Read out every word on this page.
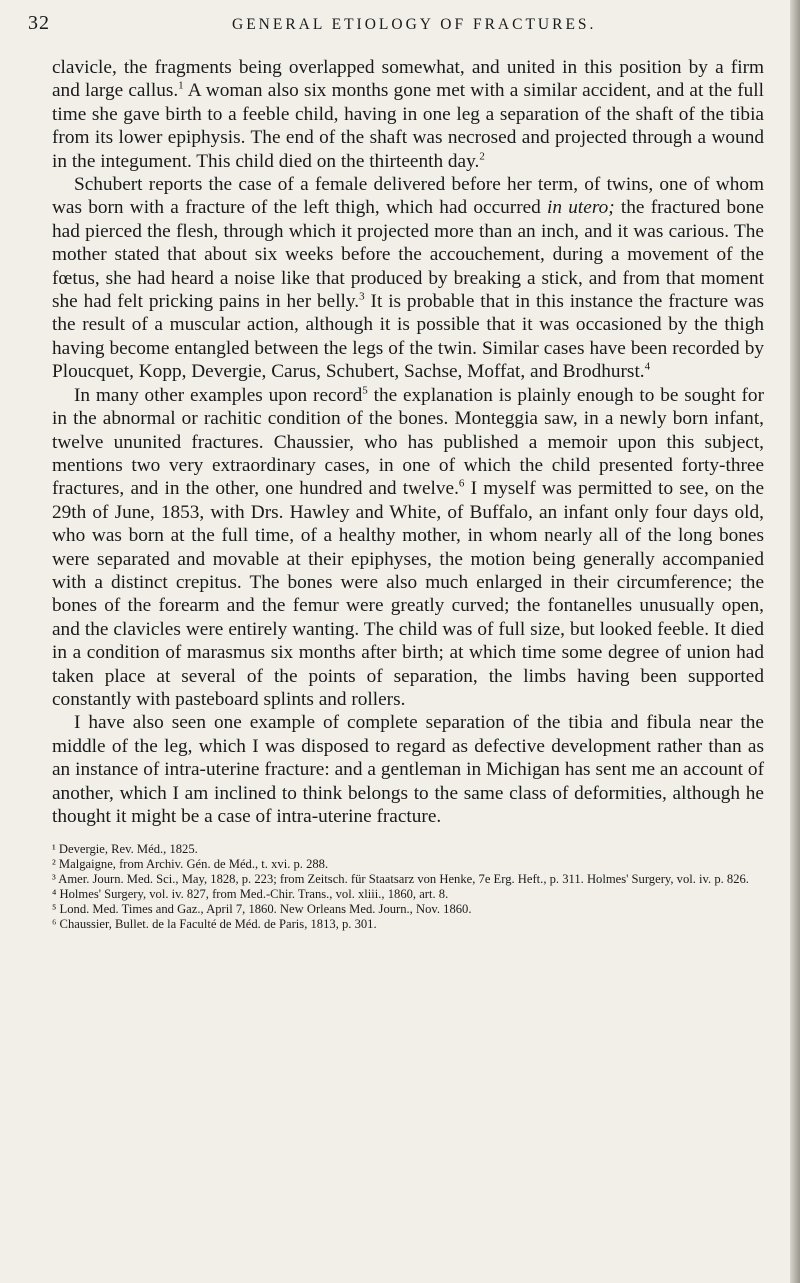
32	GENERAL ETIOLOGY OF FRACTURES.

clavicle, the fragments being overlapped somewhat, and united in this position by a firm and large callus.$^1$ A woman also six months gone met with a similar accident, and at the full time she gave birth to a feeble child, having in one leg a separation of the shaft of the tibia from its lower epiphysis. The end of the shaft was necrosed and projected through a wound in the integument. This child died on the thirteenth day.$^2$

Schubert reports the case of a female delivered before her term, of twins, one of whom was born with a fracture of the left thigh, which had occurred in utero; the fractured bone had pierced the flesh, through which it projected more than an inch, and it was carious. The mother stated that about six weeks before the accouchement, during a movement of the fœtus, she had heard a noise like that produced by breaking a stick, and from that moment she had felt pricking pains in her belly.$^3$ It is probable that in this instance the fracture was the result of a muscular action, although it is possible that it was occasioned by the thigh having become entangled between the legs of the twin. Similar cases have been recorded by Ploucquet, Kopp, Devergie, Carus, Schubert, Sachse, Moffat, and Brodhurst.$^4$

In many other examples upon record$^5$ the explanation is plainly enough to be sought for in the abnormal or rachitic condition of the bones. Monteggia saw, in a newly born infant, twelve ununited fractures. Chaussier, who has published a memoir upon this subject, mentions two very extraordinary cases, in one of which the child presented forty-three fractures, and in the other, one hundred and twelve.$^6$ I myself was permitted to see, on the 29th of June, 1853, with Drs. Hawley and White, of Buffalo, an infant only four days old, who was born at the full time, of a healthy mother, in whom nearly all of the long bones were separated and movable at their epiphyses, the motion being generally accompanied with a distinct crepitus. The bones were also much enlarged in their circumference; the bones of the forearm and the femur were greatly curved; the fontanelles unusually open, and the clavicles were entirely wanting. The child was of full size, but looked feeble. It died in a condition of marasmus six months after birth; at which time some degree of union had taken place at several of the points of separation, the limbs having been supported constantly with pasteboard splints and rollers.

I have also seen one example of complete separation of the tibia and fibula near the middle of the leg, which I was disposed to regard as defective development rather than as an instance of intra-uterine fracture: and a gentleman in Michigan has sent me an account of another, which I am inclined to think belongs to the same class of deformities, although he thought it might be a case of intra-uterine fracture.

¹ Devergie, Rev. Méd., 1825.
² Malgaigne, from Archiv. Gén. de Méd., t. xvi. p. 288.
³ Amer. Journ. Med. Sci., May, 1828, p. 223; from Zeitsch. für Staatsarz von Henke, 7e Erg. Heft., p. 311. Holmes' Surgery, vol. iv. p. 826.
⁴ Holmes' Surgery, vol. iv. 827, from Med.-Chir. Trans., vol. xliii., 1860, art. 8.
⁵ Lond. Med. Times and Gaz., April 7, 1860. New Orleans Med. Journ., Nov. 1860.
⁶ Chaussier, Bullet. de la Faculté de Méd. de Paris, 1813, p. 301.
